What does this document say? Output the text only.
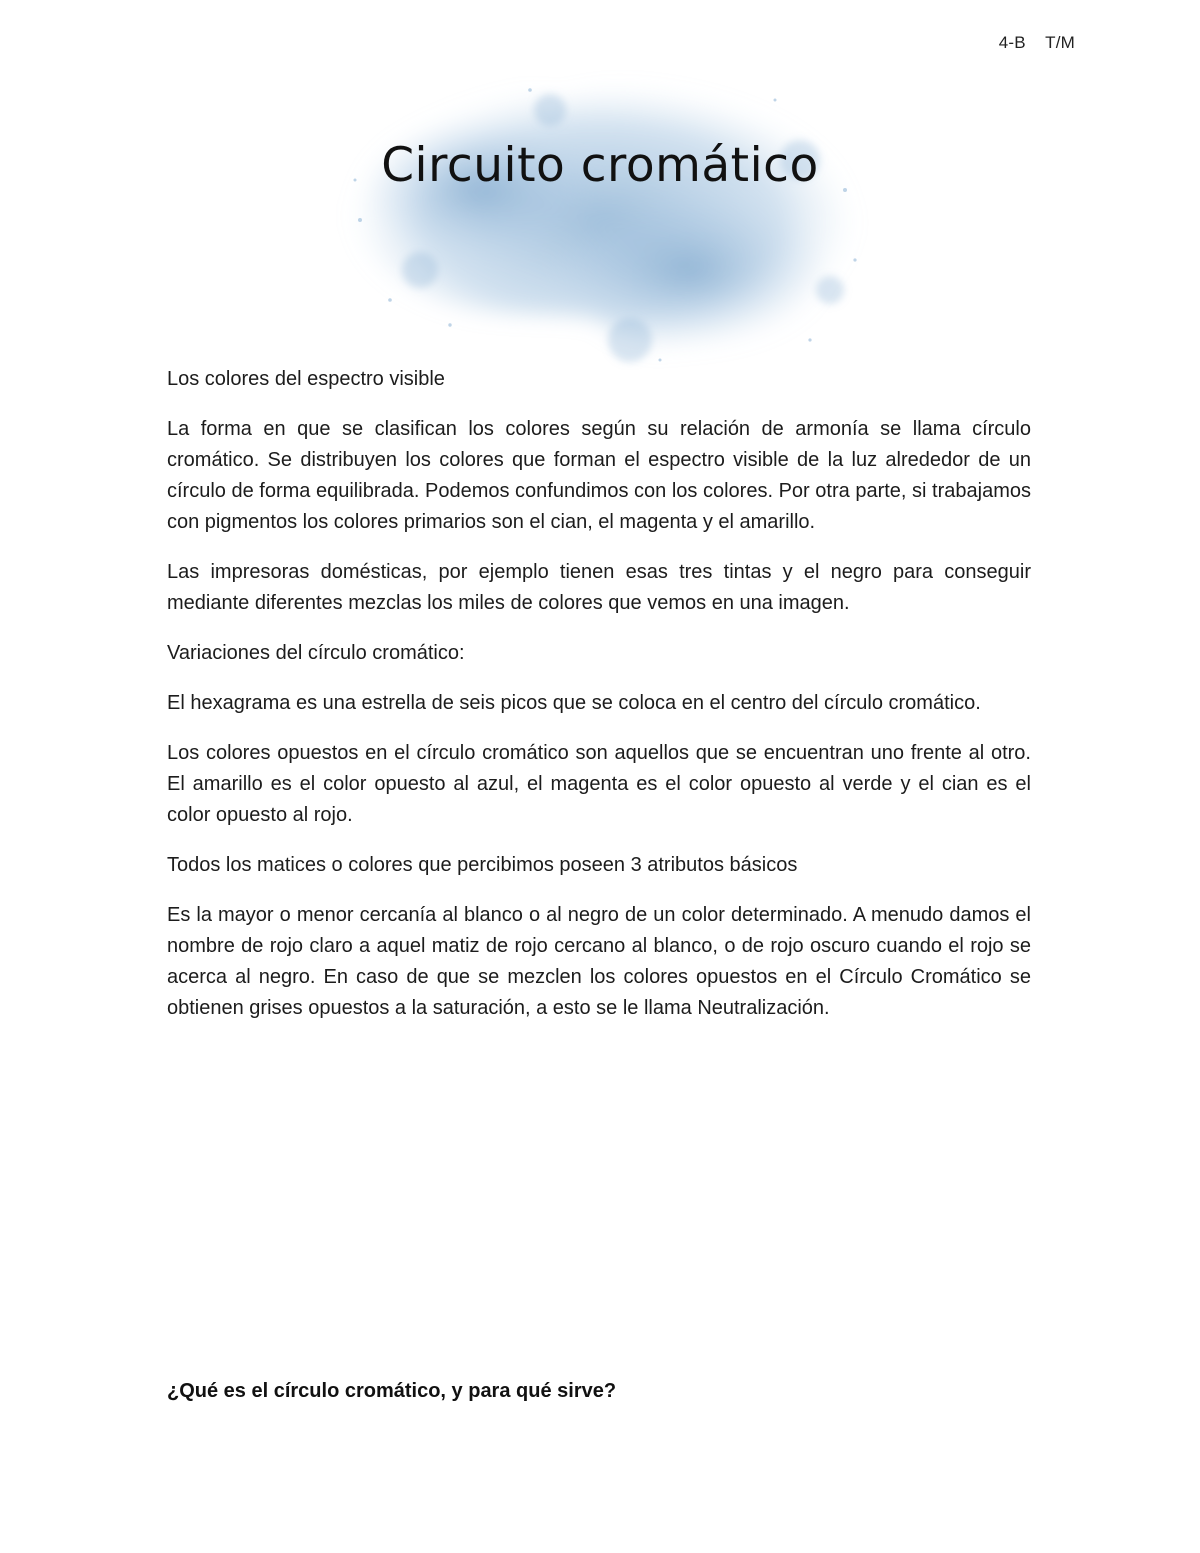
4-B    T/M
Circuito cromático

Los colores del espectro visible

La forma en que se clasifican los colores según su relación de armonía se llama círculo cromático. Se distribuyen los colores que forman el espectro visible de la luz alrededor de un círculo de forma equilibrada. Podemos confundimos con los colores. Por otra parte, si trabajamos con pigmentos los colores primarios son el cian, el magenta y el amarillo.

Las impresoras domésticas, por ejemplo tienen esas tres tintas y el negro para conseguir mediante diferentes mezclas los miles de colores que vemos en una imagen.

Variaciones del círculo cromático:

El hexagrama es una estrella de seis picos que se coloca en el centro del círculo cromático.

Los colores opuestos en el círculo cromático son aquellos que se encuentran uno frente al otro. El amarillo es el color opuesto al azul, el magenta es el color opuesto al verde y el cian es el color opuesto al rojo.

Todos los matices o colores que percibimos poseen 3 atributos básicos

Es la mayor o menor cercanía al blanco o al negro de un color determinado. A menudo damos el nombre de rojo claro a aquel matiz de rojo cercano al blanco, o de rojo oscuro cuando el rojo se acerca al negro. En caso de que se mezclen los colores opuestos en el Círculo Cromático se obtienen grises opuestos a la saturación, a esto se le llama Neutralización.

¿Qué es el círculo cromático, y para qué sirve?
